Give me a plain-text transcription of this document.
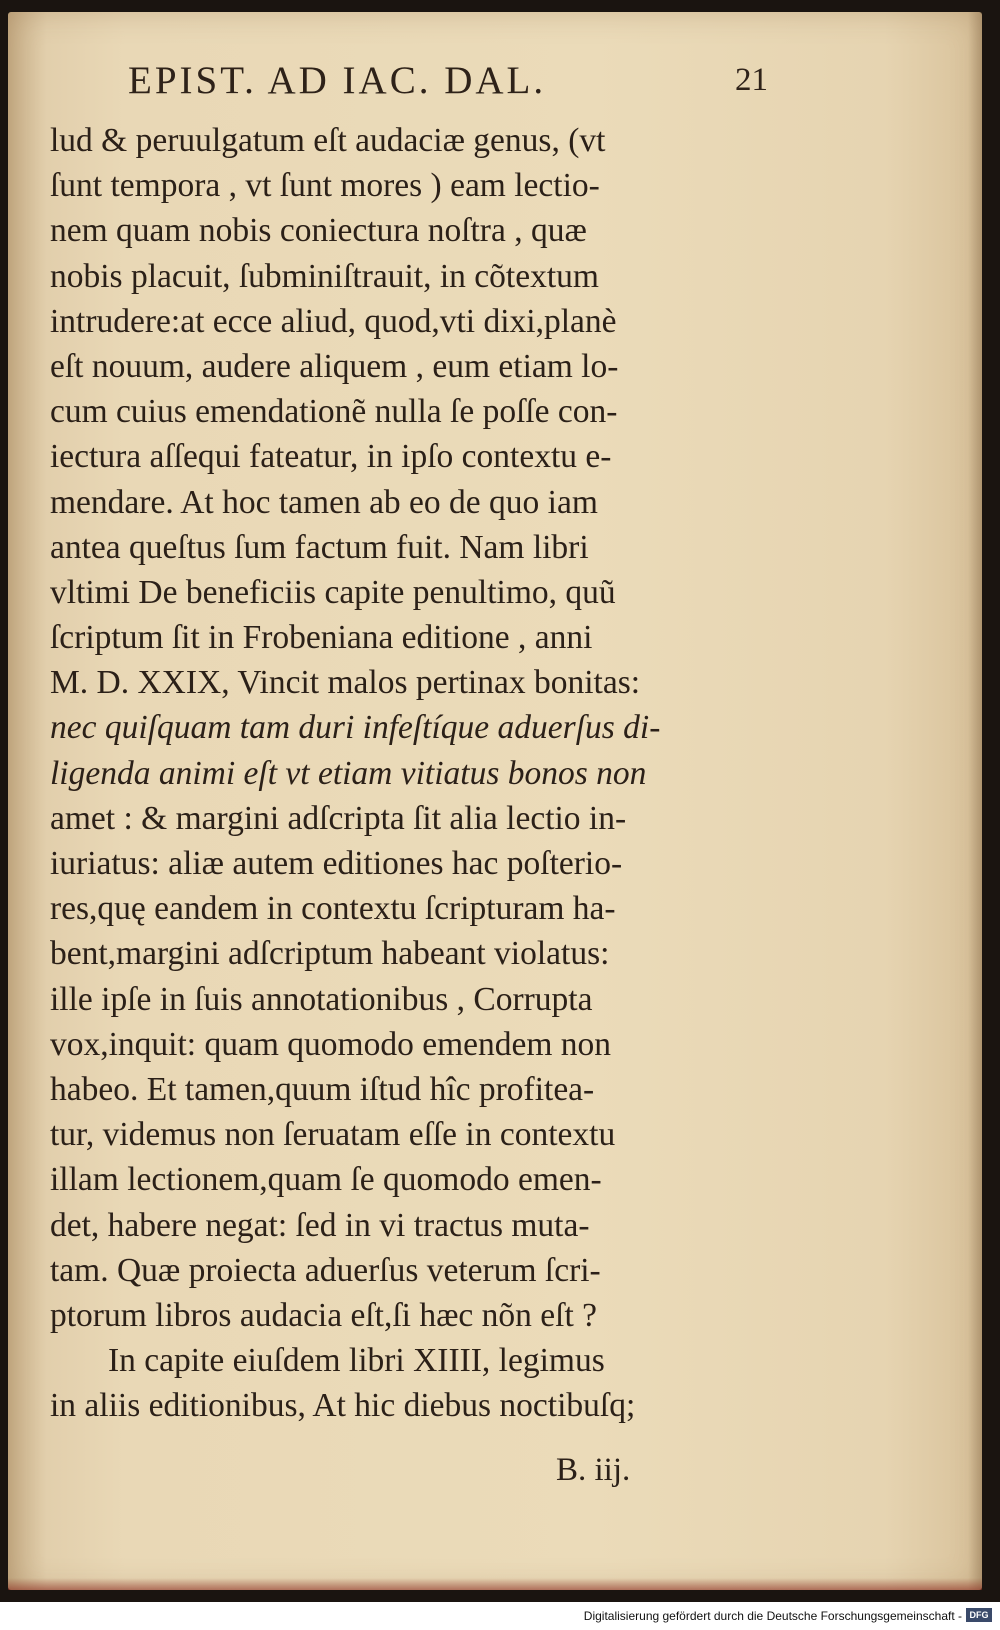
EPIST. AD IAC. DAL.	21
lud & peruulgatum eſt audaciæ genus, (vt
ſunt tempora , vt ſunt mores ) eam lectio-
nem quam nobis coniectura noſtra , quæ
nobis placuit, ſubminiſtrauit, in cõtextum
intrudere:at ecce aliud, quod,vti dixi,planè
eſt nouum, audere aliquem , eum etiam lo-
cum cuius emendationẽ nulla ſe poſſe con-
iectura aſſequi fateatur, in ipſo contextu e-
mendare. At hoc tamen ab eo de quo iam
antea queſtus ſum factum fuit. Nam libri
vltimi De beneficiis capite penultimo, quũ
ſcriptum ſit in Frobeniana editione , anni
M. D. XXIX, Vincit malos pertinax bonitas:
nec quiſquam tam duri infeſtíque aduerſus di-
ligenda animi eſt vt etiam vitiatus bonos non
amet : & margini adſcripta ſit alia lectio in-
iuriatus: aliæ autem editiones hac poſterio-
res,quę eandem in contextu ſcripturam ha-
bent,margini adſcriptum habeant violatus:
ille ipſe in ſuis annotationibus , Corrupta
vox,inquit: quam quomodo emendem non
habeo. Et tamen,quum iſtud hîc profitea-
tur, videmus non ſeruatam eſſe in contextu
illam lectionem,quam ſe quomodo emen-
det, habere negat: ſed in vi tractus muta-
tam. Quæ proiecta aduerſus veterum ſcri-
ptorum libros audacia eſt,ſi hæc nõn eſt ?
In capite eiuſdem libri XIIII, legimus
in aliis editionibus, At hic diebus noctibuſq;
B. iij.
Digitalisierung gefördert durch die Deutsche Forschungsgemeinschaft - DFG
